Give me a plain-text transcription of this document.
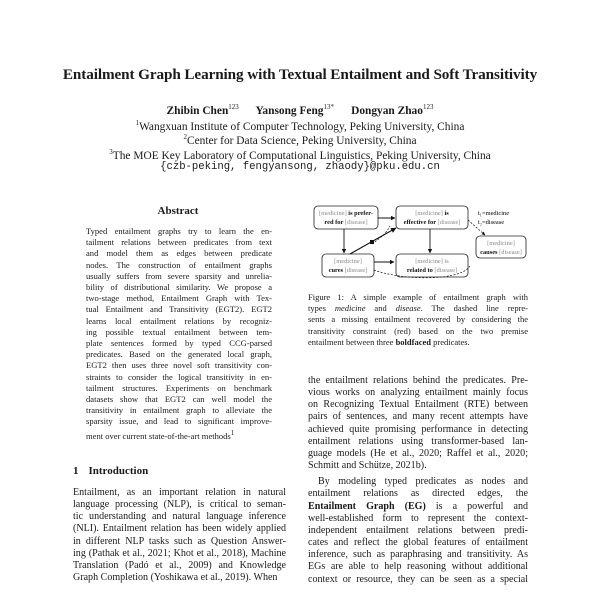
Entailment Graph Learning with Textual Entailment and Soft Transitivity
Zhibin Chen$^{123}$ Yansong Feng$^{13*}$ Dongyan Zhao$^{123}$
$^1$Wangxuan Institute of Computer Technology, Peking University, China
$^2$Center for Data Science, Peking University, China
$^3$The MOE Key Laboratory of Computational Linguistics, Peking University, China
{czb-peking, fengyansong, zhaody}@pku.edu.cn
Abstract
Typed entailment graphs try to learn the en-
tailment relations between predicates from text
and model them as edges between predicate
nodes. The construction of entailment graphs
usually suffers from severe sparsity and unrelia-
bility of distributional similarity. We propose a
two-stage method, Entailment Graph with Tex-
tual Entailment and Transitivity (EGT2). EGT2
learns local entailment relations by recogniz-
ing possible textual entailment between tem-
plate sentences formed by typed CCG-parsed
predicates. Based on the generated local graph,
EGT2 then uses three novel soft transitivity con-
straints to consider the logical transitivity in en-
tailment structures. Experiments on benchmark
datasets show that EGT2 can well model the
transitivity in entailment graph to alleviate the
sparsity issue, and lead to significant improve-
ment over current state-of-the-art methods$^1$
1 Introduction
Entailment, as an important relation in natural
language processing (NLP), is critical to seman-
tic understanding and natural language inference
(NLI). Entailment relation has been widely applied
in different NLP tasks such as Question Answer-
ing (Pathak et al., 2021; Khot et al., 2018), Machine
Translation (Padó et al., 2009) and Knowledge
Graph Completion (Yoshikawa et al., 2019). When
[medicine] is prefer-
red for [disease]
[medicine] is
effective for [disease]
[medicine]
cures [disease]
[medicine] is
related to [disease]
[medicine]
causes [disease]
t₁=medicine
t₂=disease
Figure 1: A simple example of entailment graph with
types medicine and disease. The dashed line repre-
sents a missing entailment recovered by considering the
transitivity constraint (red) based on the two premise
entailment between three boldfaced predicates.
the entailment relations behind the predicates. Pre-
vious works on analyzing entailment mainly focus
on Recognizing Textual Entailment (RTE) between
pairs of sentences, and many recent attempts have
achieved quite promising performance in detecting
entailment relations using transformer-based lan-
guage models (He et al., 2020; Raffel et al., 2020;
Schmitt and Schütze, 2021b).
By modeling typed predicates as nodes and
entailment relations as directed edges, the
Entailment Graph (EG) is a powerful and
well-established form to represent the context-
independent entailment relations between predi-
cates and reflect the global features of entailment
inference, such as paraphrasing and transitivity. As
EGs are able to help reasoning without additional
context or resource, they can be seen as a special
